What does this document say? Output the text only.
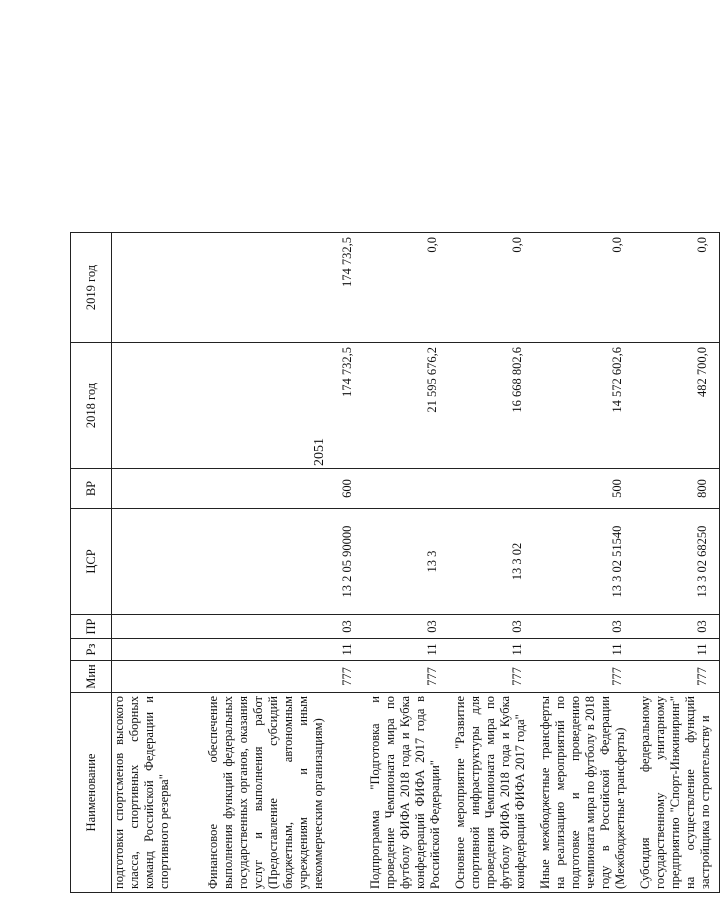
2051
Наименование	Мин	Рз	ПР	ЦСР	ВР	2018 год	2019 год
подготовки спортсменов высокого класса, спортивных сборных команд Российской Федерации и спортивного резерва"							
Финансовое обеспечение выполнения функций федеральных государственных органов, оказания услуг и выполнения работ (Предоставление субсидий бюджетным, автономным учреждениям и иным некоммерческим организациям)	777	11	03	13 2 05 90000	600	174 732,5	174 732,5
Подпрограмма "Подготовка и проведение Чемпионата мира по футболу ФИФА 2018 года и Кубка конфедераций ФИФА 2017 года в Российской Федерации"	777	11	03	13 3		21 595 676,2	0,0
Основное мероприятие "Развитие спортивной инфраструктуры для проведения Чемпионата мира по футболу ФИФА 2018 года и Кубка конфедераций ФИФА 2017 года"	777	11	03	13 3 02		16 668 802,6	0,0
Иные межбюджетные трансферты на реализацию мероприятий по подготовке и проведению чемпионата мира по футболу в 2018 году в Российской Федерации (Межбюджетные трансферты)	777	11	03	13 3 02 51540	500	14 572 602,6	0,0
Субсидия федеральному государственному унитарному предприятию "Спорт-Инжиниринг" на осуществление функций застройщика по строительству и	777	11	03	13 3 02 68250	800	482 700,0	0,0
